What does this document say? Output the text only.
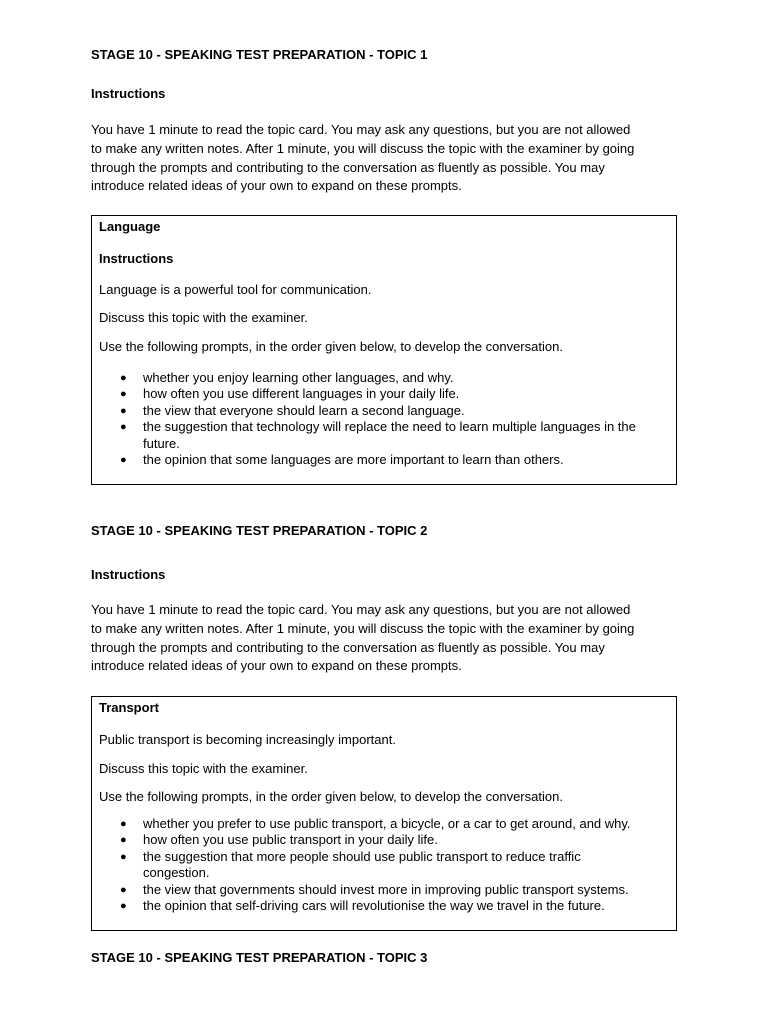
STAGE 10 - SPEAKING TEST PREPARATION - TOPIC 1
Instructions
You have 1 minute to read the topic card. You may ask any questions, but you are not allowed
to make any written notes. After 1 minute, you will discuss the topic with the examiner by going
through the prompts and contributing to the conversation as fluently as possible. You may
introduce related ideas of your own to expand on these prompts.
Language
Instructions
Language is a powerful tool for communication.
Discuss this topic with the examiner.
Use the following prompts, in the order given below, to develop the conversation.
● whether you enjoy learning other languages, and why.
● how often you use different languages in your daily life.
● the view that everyone should learn a second language.
● the suggestion that technology will replace the need to learn multiple languages in the
future.
● the opinion that some languages are more important to learn than others.
STAGE 10 - SPEAKING TEST PREPARATION - TOPIC 2
Instructions
You have 1 minute to read the topic card. You may ask any questions, but you are not allowed
to make any written notes. After 1 minute, you will discuss the topic with the examiner by going
through the prompts and contributing to the conversation as fluently as possible. You may
introduce related ideas of your own to expand on these prompts.
Transport
Public transport is becoming increasingly important.
Discuss this topic with the examiner.
Use the following prompts, in the order given below, to develop the conversation.
● whether you prefer to use public transport, a bicycle, or a car to get around, and why.
● how often you use public transport in your daily life.
● the suggestion that more people should use public transport to reduce traffic
congestion.
● the view that governments should invest more in improving public transport systems.
● the opinion that self-driving cars will revolutionise the way we travel in the future.
STAGE 10 - SPEAKING TEST PREPARATION - TOPIC 3
